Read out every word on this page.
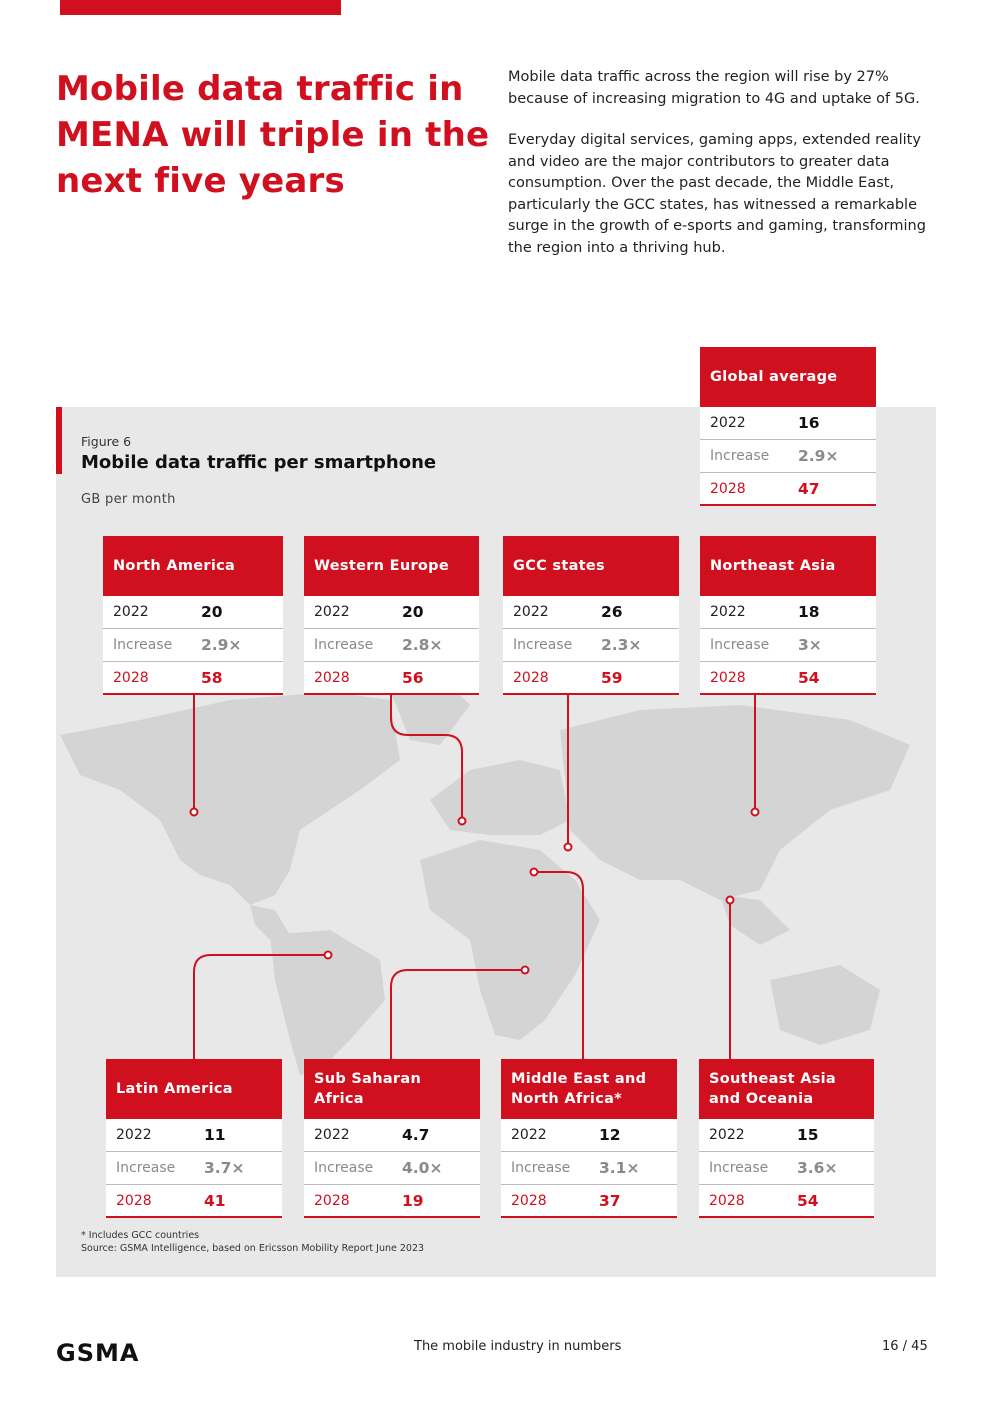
Mobile data traffic in MENA will triple in the next five years

Mobile data traffic across the region will rise by 27% because of increasing migration to 4G and uptake of 5G.

Everyday digital services, gaming apps, extended reality and video are the major contributors to greater data consumption. Over the past decade, the Middle East, particularly the GCC states, has witnessed a remarkable surge in the growth of e-sports and gaming, transforming the region into a thriving hub.

Figure 6
Mobile data traffic per smartphone
GB per month
Global average
2022	16
Increase	2.9×
2028	47
North America
2022	20
Increase	2.9×
2028	58
Western Europe
2022	20
Increase	2.8×
2028	56
GCC states
2022	26
Increase	2.3×
2028	59
Northeast Asia
2022	18
Increase	3×
2028	54
Latin America
2022	11
Increase	3.7×
2028	41
Sub Saharan Africa
2022	4.7
Increase	4.0×
2028	19
Middle East and North Africa*
2022	12
Increase	3.1×
2028	37
Southeast Asia and Oceania
2022	15
Increase	3.6×
2028	54
* Includes GCC countries
Source: GSMA Intelligence, based on Ericsson Mobility Report June 2023
GSMA	The mobile industry in numbers	16 / 45
